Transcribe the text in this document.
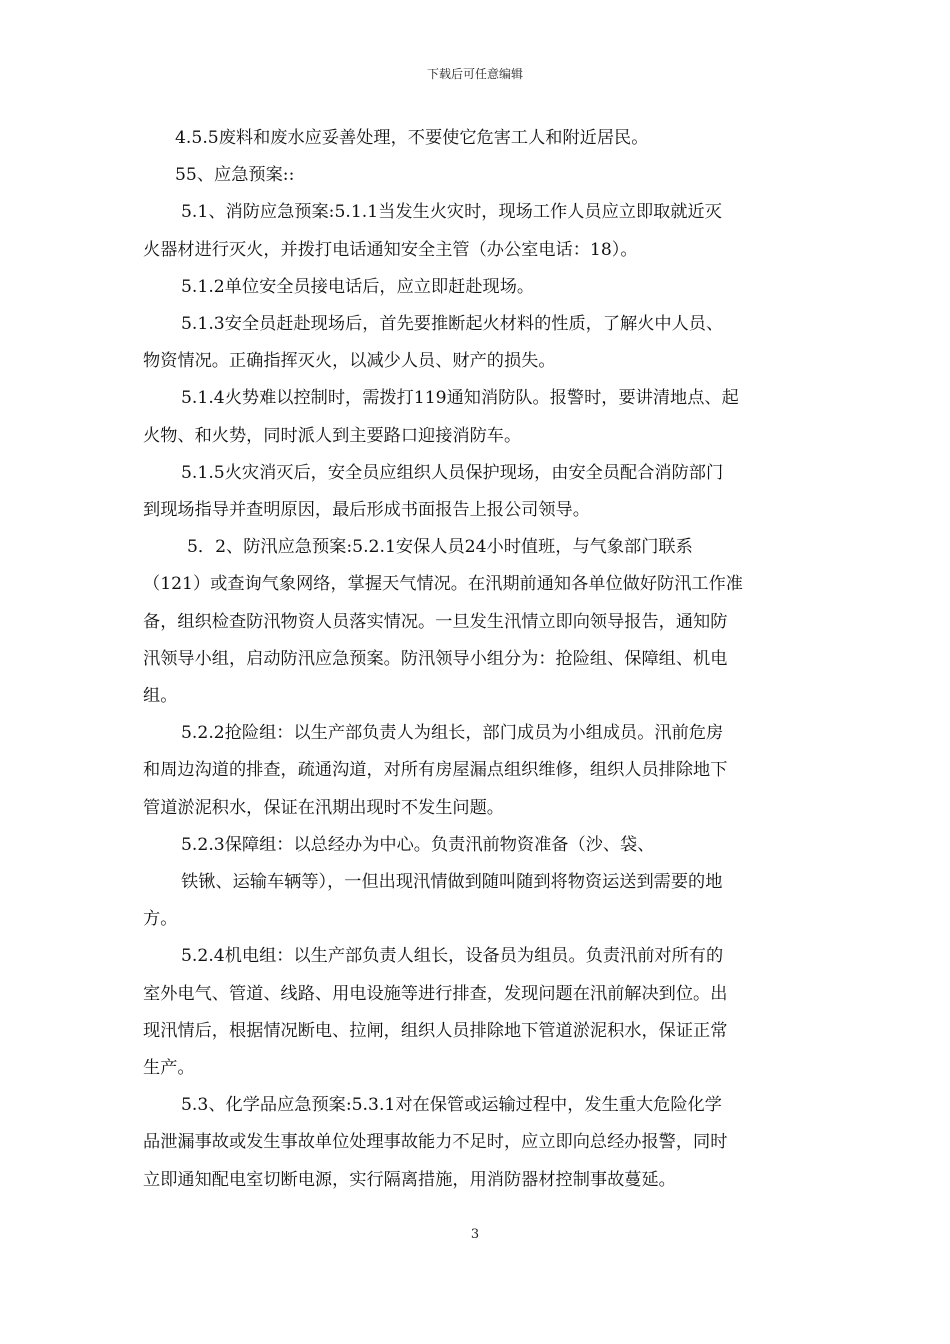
下载后可任意编辑

4.5.5废料和废水应妥善处理，不要使它危害工人和附近居民。

55、应急预案::

5.1、消防应急预案:5.1.1当发生火灾时，现场工作人员应立即取就近灭

火器材进行灭火，并拨打电话通知安全主管（办公室电话：18）。

5.1.2单位安全员接电话后，应立即赶赴现场。

5.1.3安全员赶赴现场后，首先要推断起火材料的性质，了解火中人员、

物资情况。正确指挥灭火，以减少人员、财产的损失。

5.1.4火势难以控制时，需拨打119通知消防队。报警时，要讲清地点、起

火物、和火势，同时派人到主要路口迎接消防车。

5.1.5火灾消灭后，安全员应组织人员保护现场，由安全员配合消防部门

到现场指导并查明原因，最后形成书面报告上报公司领导。

5．2、防汛应急预案:5.2.1安保人员24小时值班，与气象部门联系

（121）或查询气象网络，掌握天气情况。在汛期前通知各单位做好防汛工作准

备，组织检查防汛物资人员落实情况。一旦发生汛情立即向领导报告，通知防

汛领导小组，启动防汛应急预案。防汛领导小组分为：抢险组、保障组、机电

组。

5.2.2抢险组：以生产部负责人为组长，部门成员为小组成员。汛前危房

和周边沟道的排查，疏通沟道，对所有房屋漏点组织维修，组织人员排除地下

管道淤泥积水，保证在汛期出现时不发生问题。

5.2.3保障组：以总经办为中心。负责汛前物资准备（沙、袋、

铁锹、运输车辆等），一但出现汛情做到随叫随到将物资运送到需要的地

方。

5.2.4机电组：以生产部负责人组长，设备员为组员。负责汛前对所有的

室外电气、管道、线路、用电设施等进行排查，发现问题在汛前解决到位。出

现汛情后，根据情况断电、拉闸，组织人员排除地下管道淤泥积水，保证正常

生产。

5.3、化学品应急预案:5.3.1对在保管或运输过程中，发生重大危险化学

品泄漏事故或发生事故单位处理事故能力不足时，应立即向总经办报警，同时

立即通知配电室切断电源，实行隔离措施，用消防器材控制事故蔓延。

3
